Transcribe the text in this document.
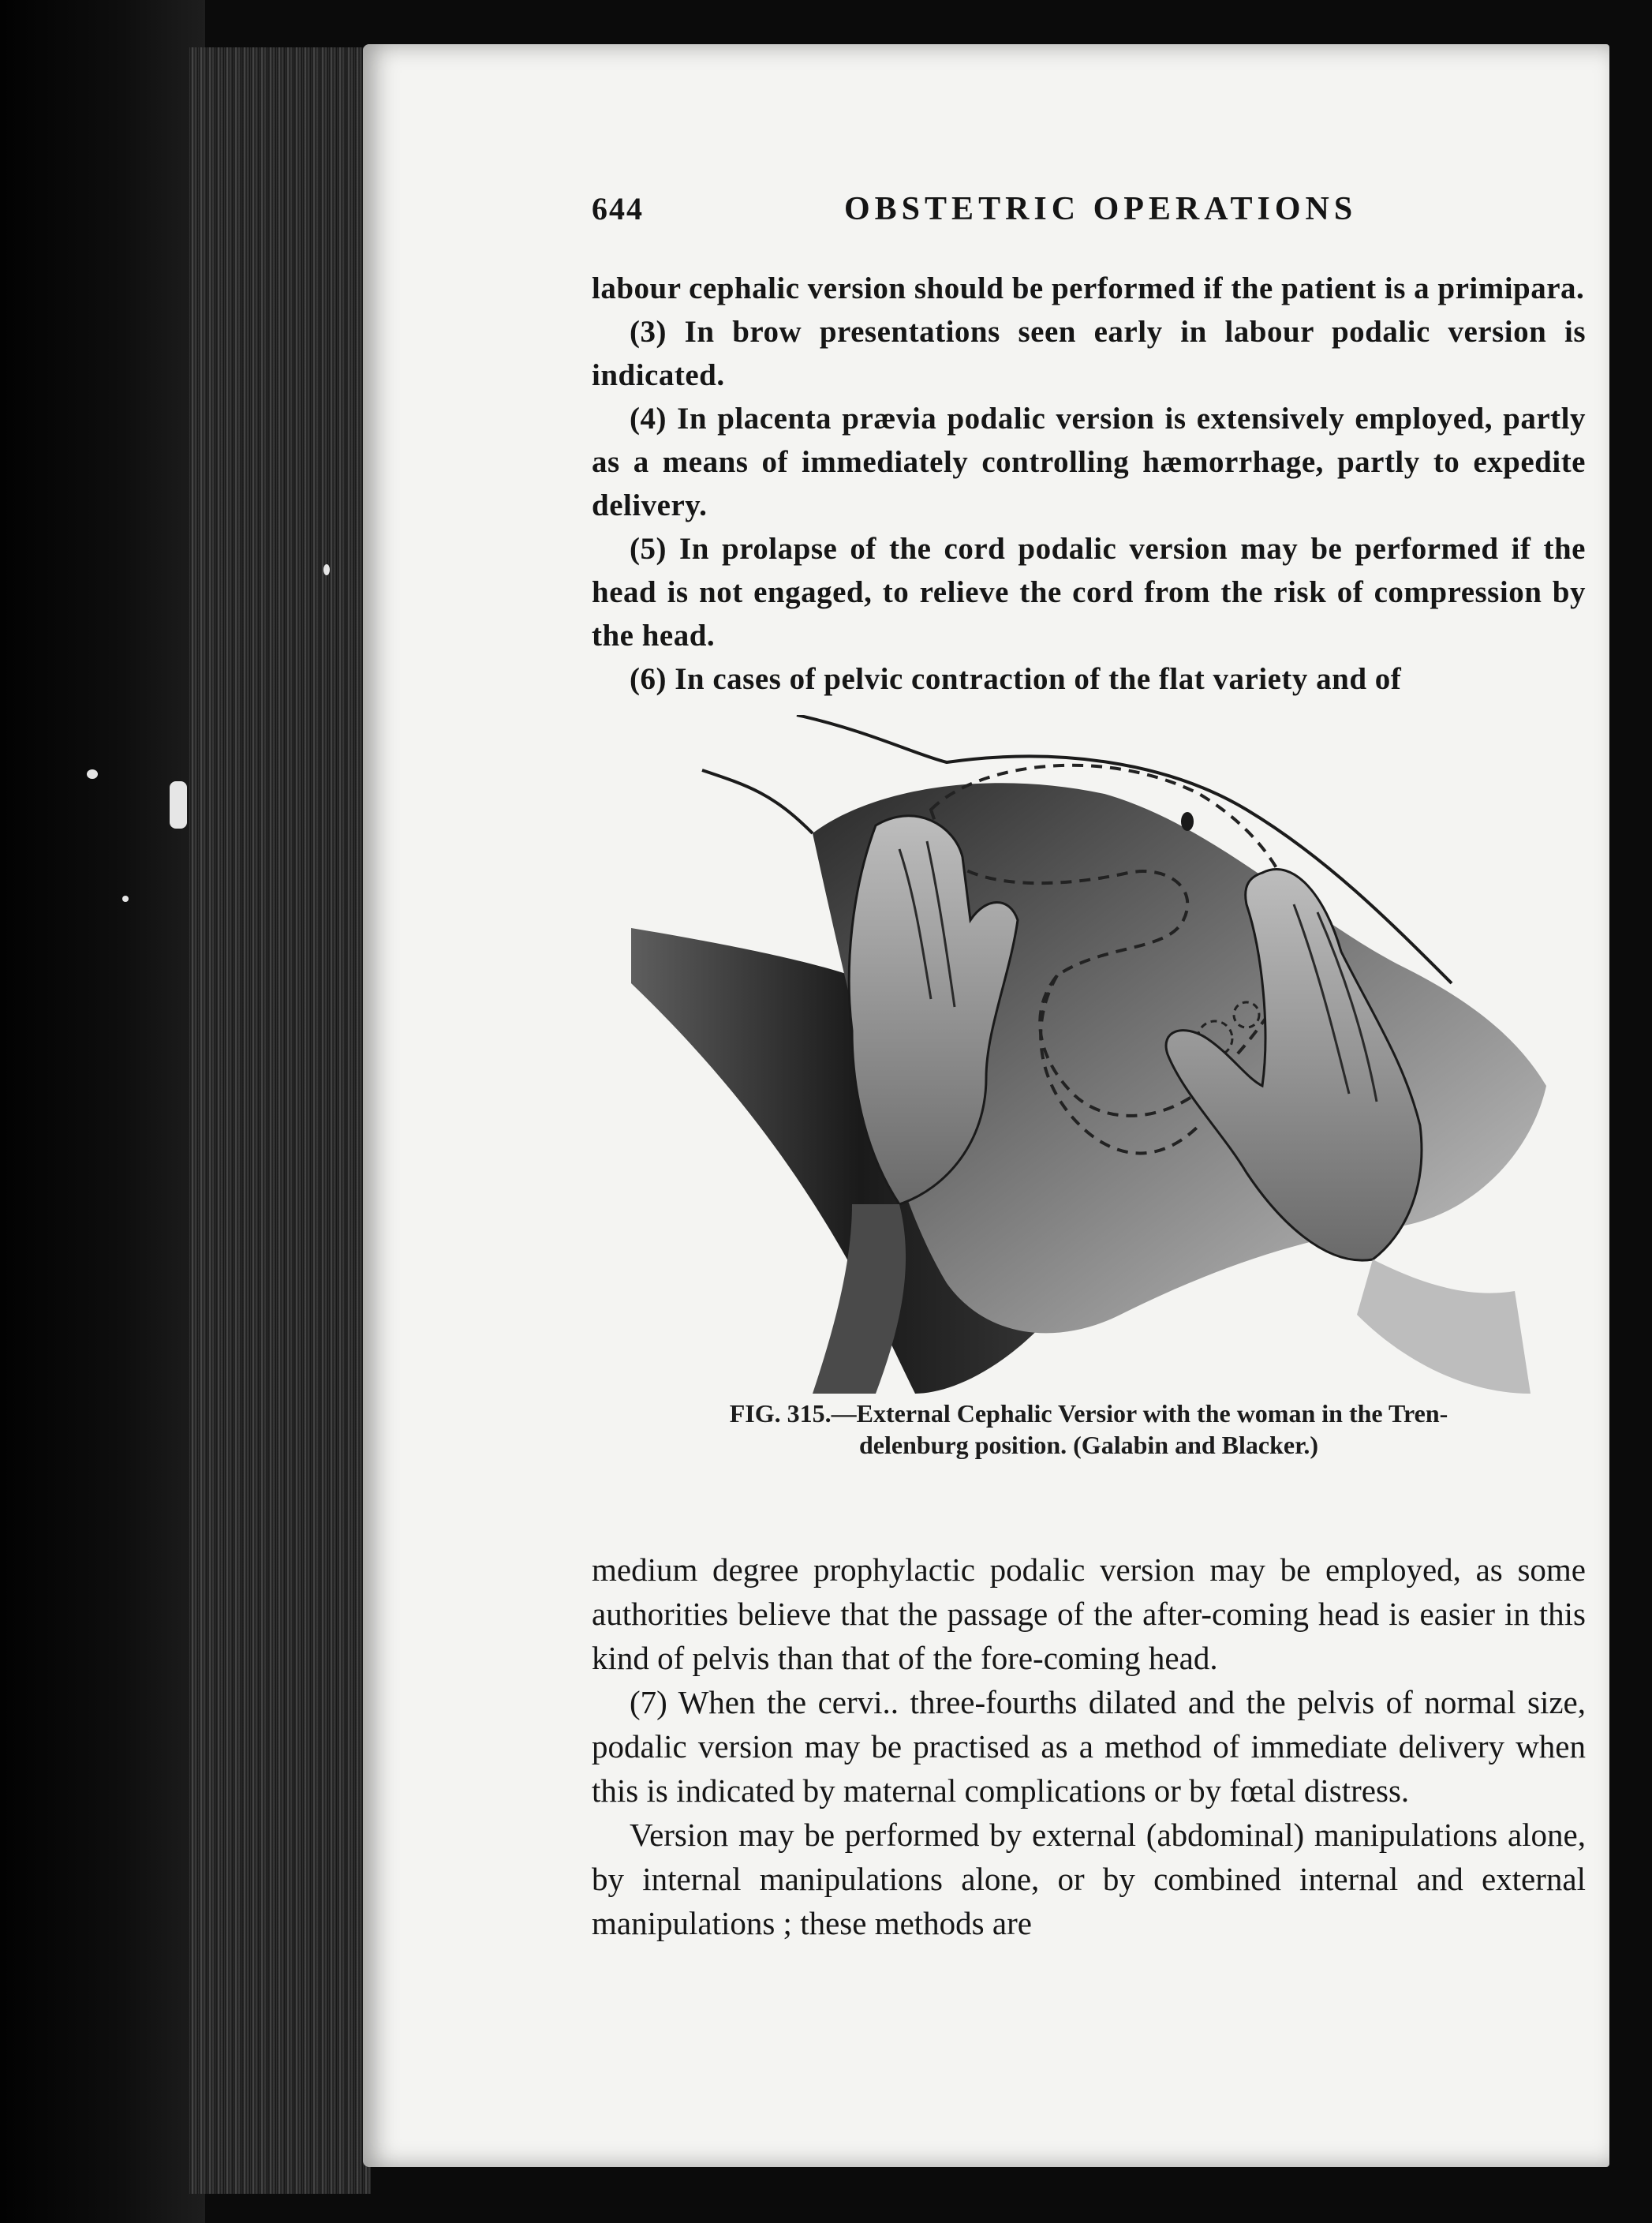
644	OBSTETRIC OPERATIONS

labour cephalic version should be performed if the patient is a primipara.

(3) In brow presentations seen early in labour podalic version is indicated.

(4) In placenta prævia podalic version is extensively employed, partly as a means of immediately controlling hæmorrhage, partly to expedite delivery.

(5) In prolapse of the cord podalic version may be performed if the head is not engaged, to relieve the cord from the risk of compression by the head.

(6) In cases of pelvic contraction of the flat variety and of

FIG. 315.—External Cephalic Versior with the woman in the Tren-
delenburg position. (Galabin and Blacker.)

medium degree prophylactic podalic version may be employed, as some authorities believe that the passage of the after-coming head is easier in this kind of pelvis than that of the fore-coming head.

(7) When the cervi.. three-fourths dilated and the pelvis of normal size, podalic version may be practised as a method of immediate delivery when this is indicated by maternal complications or by fœtal distress.

Version may be performed by external (abdominal) manipulations alone, by internal manipulations alone, or by combined internal and external manipulations ; these methods are
